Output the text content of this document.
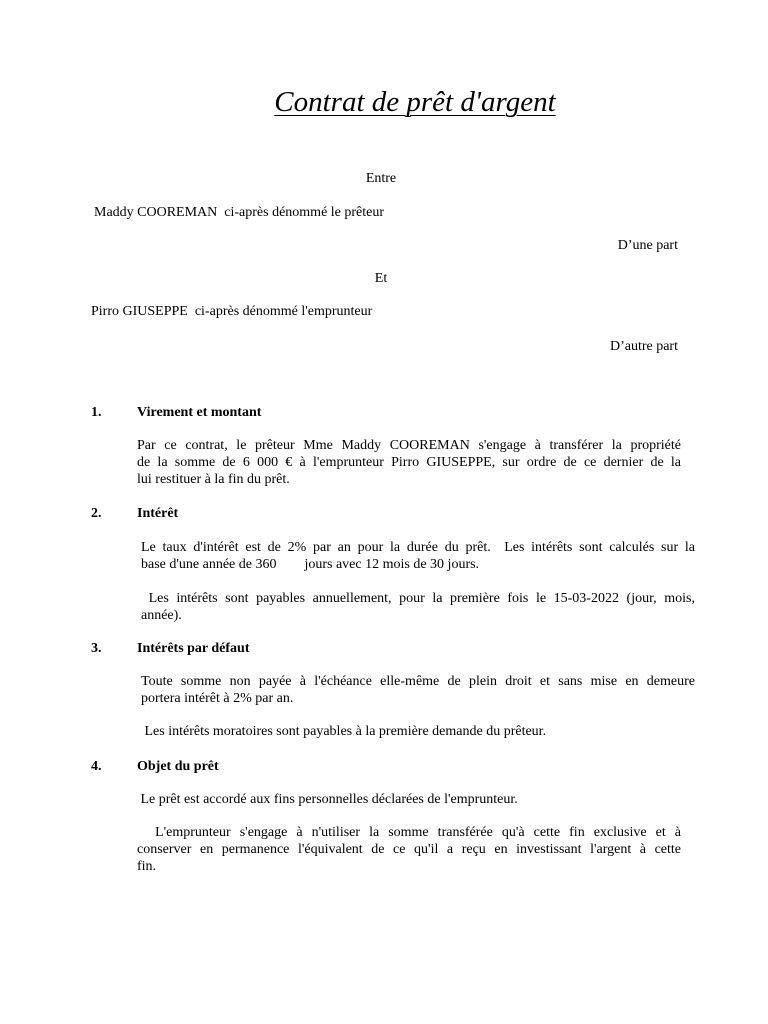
Contrat de prêt d'argent
Entre
Maddy COOREMAN  ci-après dénommé le prêteur
D’une part
Et
Pirro GIUSEPPE  ci-après dénommé l'emprunteur
D’autre part
1.	Virement et montant
Par ce contrat, le prêteur Mme Maddy COOREMAN s'engage à transférer la propriété
de la somme de 6 000 € à l'emprunteur Pirro GIUSEPPE, sur ordre de ce dernier de la
lui restituer à la fin du prêt.
2.	Intérêt
Le taux d'intérêt est de 2% par an pour la durée du prêt.  Les intérêts sont calculés sur la
base d'une année de 360        jours avec 12 mois de 30 jours.
Les intérêts sont payables annuellement, pour la première fois le 15-03-2022 (jour, mois,
année).
3.	Intérêts par défaut
Toute somme non payée à l'échéance elle-même de plein droit et sans mise en demeure
portera intérêt à 2% par an.
Les intérêts moratoires sont payables à la première demande du prêteur.
4.	Objet du prêt
Le prêt est accordé aux fins personnelles déclarées de l'emprunteur.
L'emprunteur s'engage à n'utiliser la somme transférée qu'à cette fin exclusive et à
conserver en permanence l'équivalent de ce qu'il a reçu en investissant l'argent à cette
fin.
